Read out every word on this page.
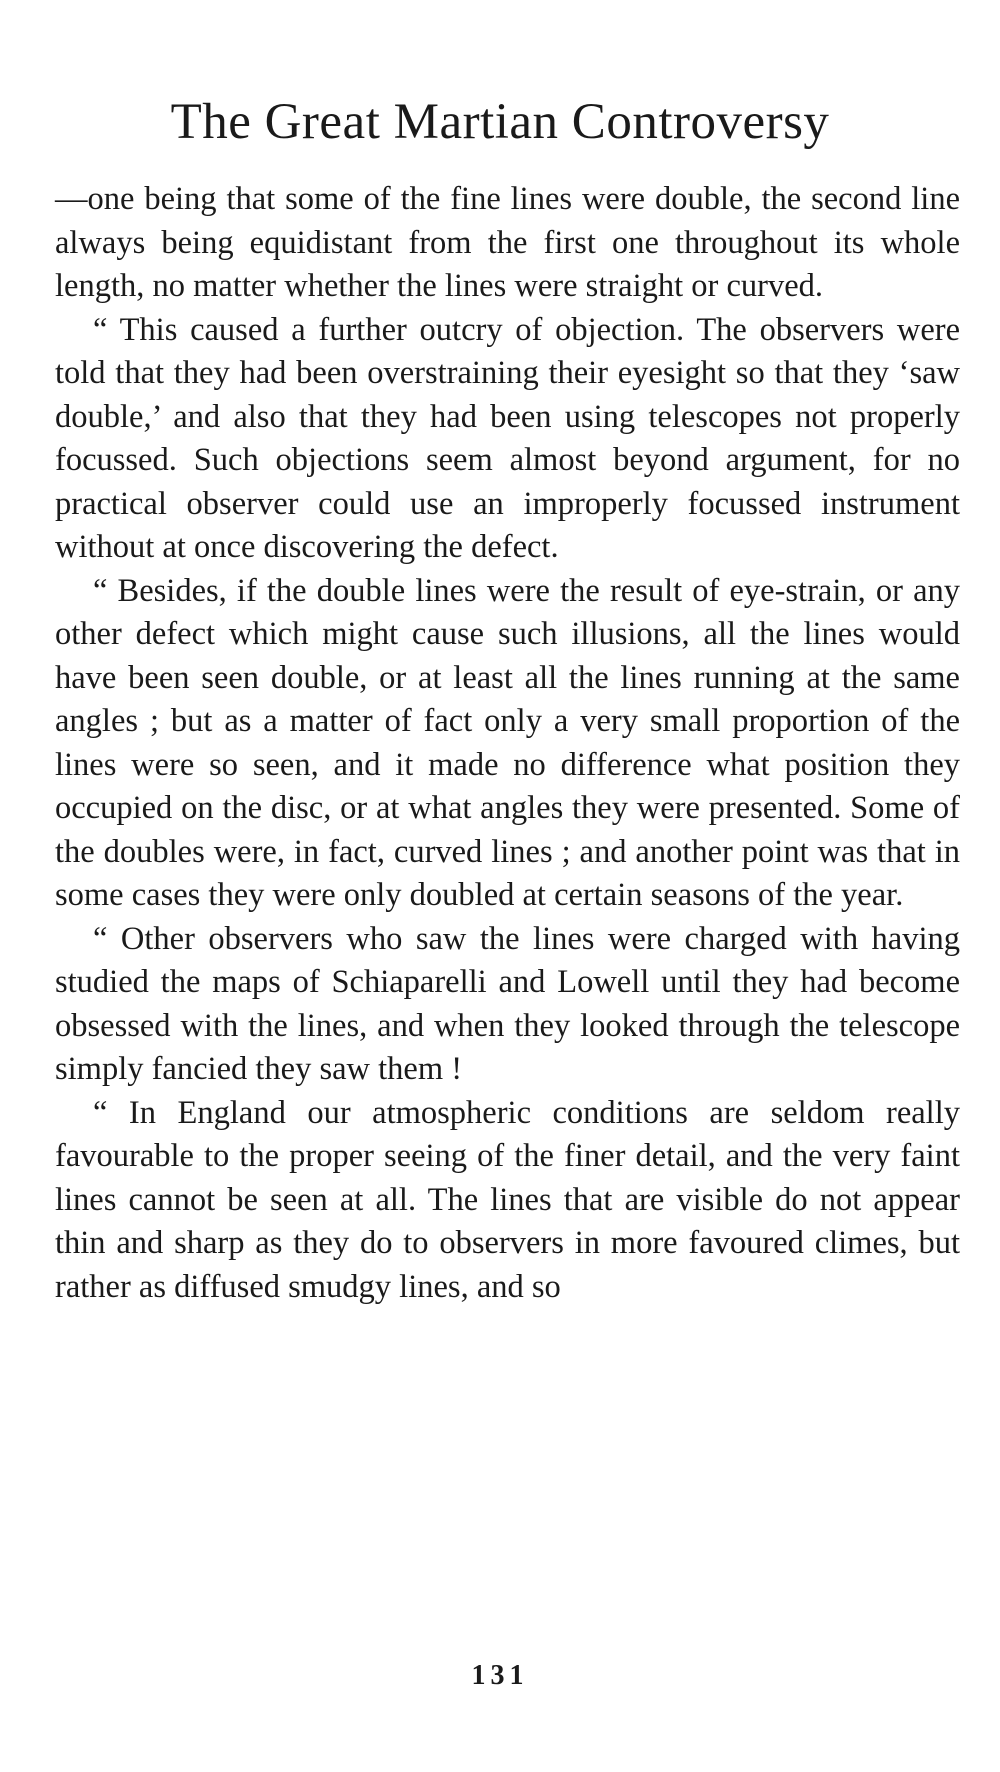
The Great Martian Controversy

—one being that some of the fine lines were double, the second line always being equidistant from the first one throughout its whole length, no matter whether the lines were straight or curved.

“ This caused a further outcry of objection. The observers were told that they had been overstraining their eyesight so that they ‘saw double,’ and also that they had been using telescopes not properly focussed. Such objections seem almost beyond argument, for no practical observer could use an improperly focussed instrument without at once discovering the defect.

“ Besides, if the double lines were the result of eye-strain, or any other defect which might cause such illusions, all the lines would have been seen double, or at least all the lines running at the same angles ; but as a matter of fact only a very small proportion of the lines were so seen, and it made no difference what position they occupied on the disc, or at what angles they were presented. Some of the doubles were, in fact, curved lines ; and another point was that in some cases they were only doubled at certain seasons of the year.

“ Other observers who saw the lines were charged with having studied the maps of Schiaparelli and Lowell until they had become obsessed with the lines, and when they looked through the telescope simply fancied they saw them !

“ In England our atmospheric conditions are seldom really favourable to the proper seeing of the finer detail, and the very faint lines cannot be seen at all. The lines that are visible do not appear thin and sharp as they do to observers in more favoured climes, but rather as diffused smudgy lines, and so

131
